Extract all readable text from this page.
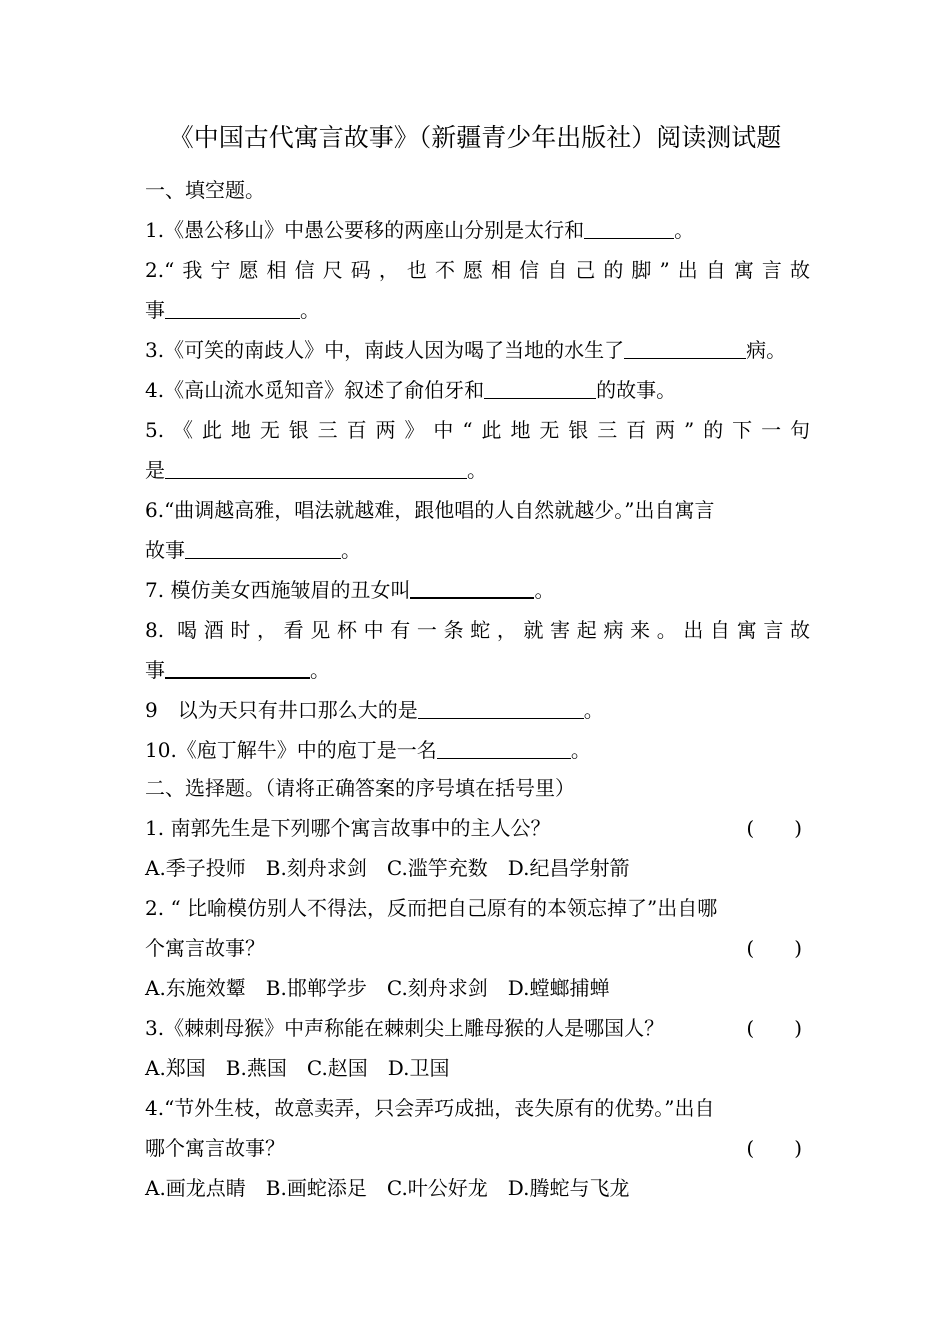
《中国古代寓言故事》（新疆青少年出版社）阅读测试题
一、填空题。
1.《愚公移山》中愚公要移的两座山分别是太行和	。
2.“我宁愿相信尺码，也不愿相信自己的脚”出自寓言故
事	。
3.《可笑的南歧人》中，南歧人因为喝了当地的水生了	病。
4.《高山流水觅知音》叙述了俞伯牙和	的故事。
5.《此地无银三百两》中“此地无银三百两”的下一句
是	。
6.“曲调越高雅，唱法就越难，跟他唱的人自然就越少。”出自寓言
故事	。
7. 模仿美女西施皱眉的丑女叫	。
8. 喝酒时，看见杯中有一条蛇，就害起病来。出自寓言故
事	。
9　以为天只有井口那么大的是	。
10.《庖丁解牛》中的庖丁是一名	。
二、选择题。（请将正确答案的序号填在括号里）
1. 南郭先生是下列哪个寓言故事中的主人公？	(　　)
A.季子投师　B.刻舟求剑　C.滥竽充数　D.纪昌学射箭
2. “ 比喻模仿别人不得法，反而把自己原有的本领忘掉了”出自哪
个寓言故事？	(　　)
A.东施效颦　B.邯郸学步　C.刻舟求剑　D.螳螂捕蝉
3.《棘刺母猴》中声称能在棘刺尖上雕母猴的人是哪国人？	(　　)
A.郑国　B.燕国　C.赵国　D.卫国
4.“节外生枝，故意卖弄，只会弄巧成拙，丧失原有的优势。”出自
哪个寓言故事？	(　　)
A.画龙点睛　B.画蛇添足　C.叶公好龙　D.腾蛇与飞龙
